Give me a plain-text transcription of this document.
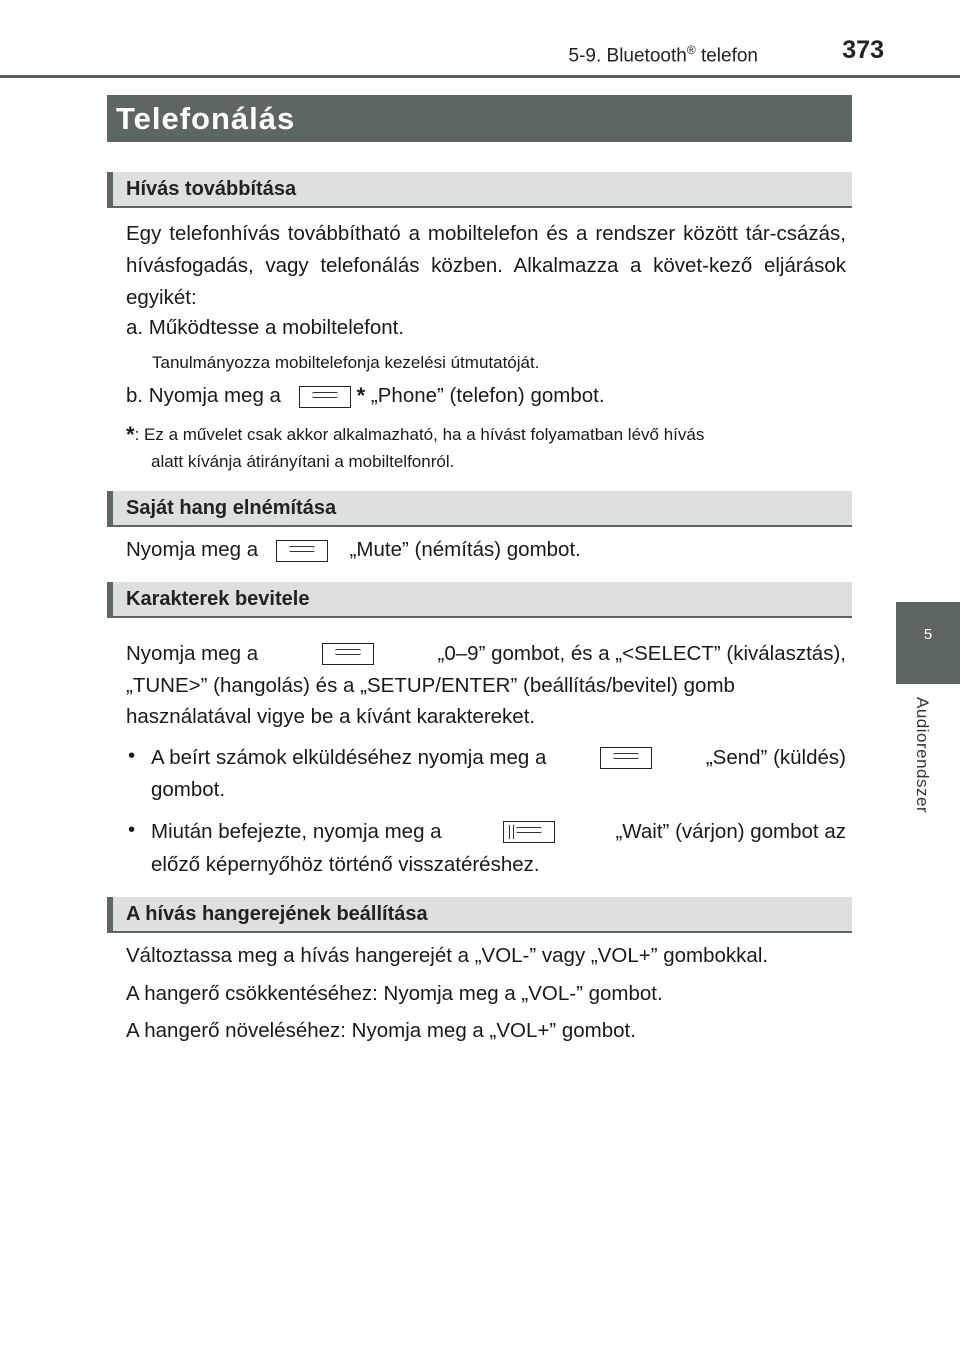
5-9. Bluetooth® telefon	373
5
Audiorendszer
Telefonálás
Hívás továbbítása
Egy telefonhívás továbbítható a mobiltelefon és a rendszer között tár-csázás, hívásfogadás, vagy telefonálás közben. Alkalmazza a követ-kező eljárások egyikét:
a. Működtesse a mobiltelefont.
Tanulmányozza mobiltelefonja kezelési útmutatóját.
b. Nyomja meg a	* „Phone” (telefon) gombot.
*: Ez a művelet csak akkor alkalmazható, ha a hívást folyamatban lévő hívás
alatt kívánja átirányítani a mobiltelfonról.
Saját hang elnémítása
Nyomja meg a	„Mute” (némítás) gombot.
Karakterek bevitele
Nyomja meg a	„0–9” gombot, és a „<SELECT” (kiválasztás),
„TUNE>” (hangolás) és a „SETUP/ENTER” (beállítás/bevitel) gomb
használatával vigye be a kívánt karaktereket.
• A beírt számok elküldéséhez nyomja meg a	„Send” (küldés)
gombot.
• Miután befejezte, nyomja meg a	„Wait” (várjon) gombot az
előző képernyőhöz történő visszatéréshez.
A hívás hangerejének beállítása
Változtassa meg a hívás hangerejét a „VOL-” vagy „VOL+” gombokkal.
A hangerő csökkentéséhez: Nyomja meg a „VOL-” gombot.
A hangerő növeléséhez: Nyomja meg a „VOL+” gombot.
